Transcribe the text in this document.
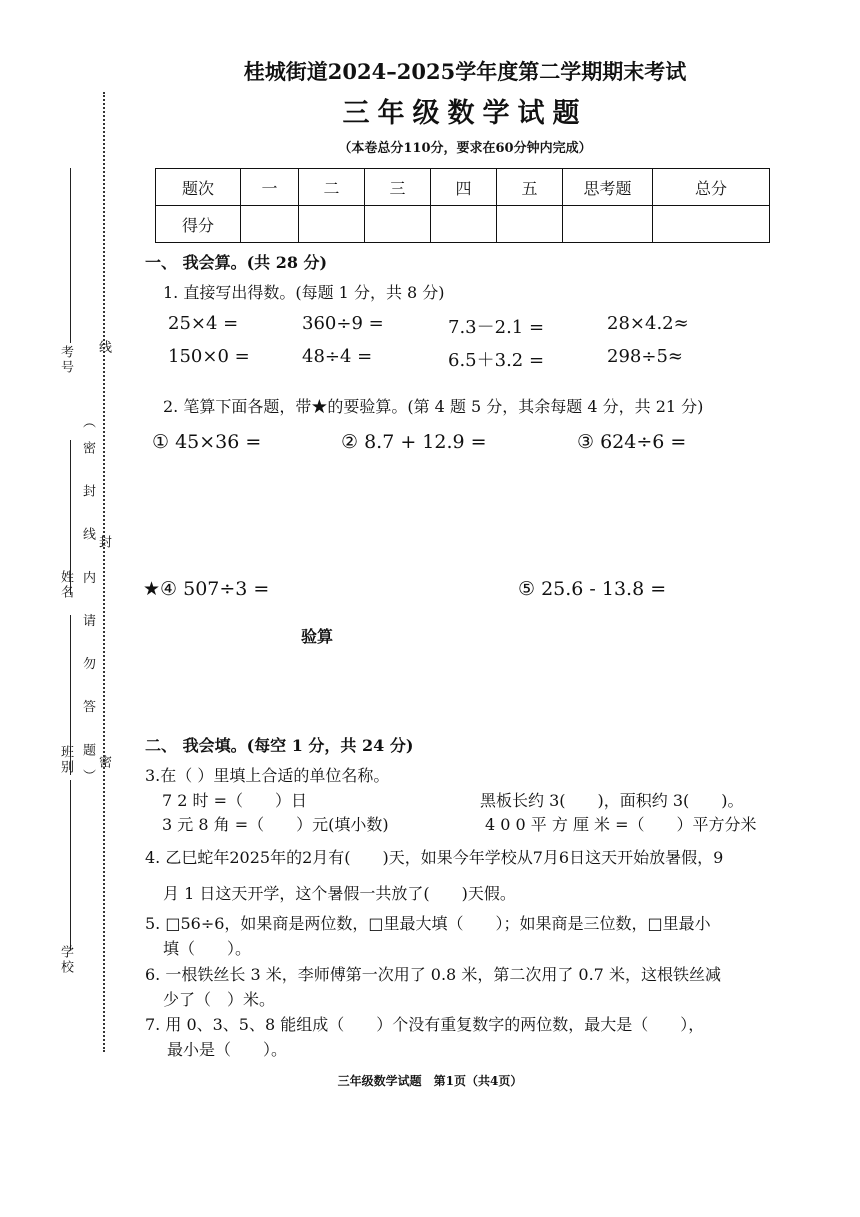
考号
姓名
班别
学校
线
封
密
（密 封 线 内 请 勿 答 题）
桂城街道2024–2025学年度第二学期期末考试
三年级数学试题
（本卷总分110分，要求在60分钟内完成）
题次	一	二	三	四	五	思考题	总分
得分							
一、 我会算。(共 28 分)
1. 直接写出得数。(每题 1 分，共 8 分)
25×4 =	360÷9 =	7.3－2.1 =	28×4.2≈
150×0 =	48÷4 =	6.5＋3.2 =	298÷5≈
2. 笔算下面各题，带★的要验算。(第 4 题 5 分，其余每题 4 分，共 21 分)
① 45×36 =	② 8.7 + 12.9 =	③ 624÷6 =
★④ 507÷3 =	⑤ 25.6 - 13.8 =
验算
二、 我会填。(每空 1 分，共 24 分)
3.在（ ）里填上合适的单位名称。
7 2 时 =（　　）日	黑板长约 3(　　)，面积约 3(　　)。
3 元 8 角 =（　　）元(填小数)	4 0 0 平 方 厘 米 =（　　）平方分米
4. 乙巳蛇年2025年的2月有(　　)天，如果今年学校从7月6日这天开始放暑假，9
月 1 日这天开学，这个暑假一共放了(　　)天假。
5. □56÷6，如果商是两位数，□里最大填（　　）；如果商是三位数，□里最小
填（　　）。
6. 一根铁丝长 3 米，李师傅第一次用了 0.8 米，第二次用了 0.7 米，这根铁丝减
少了（　）米。
7. 用 0、3、5、8 能组成（　　）个没有重复数字的两位数，最大是（　　），
最小是（　　）。
三年级数学试题　第1页（共4页）
